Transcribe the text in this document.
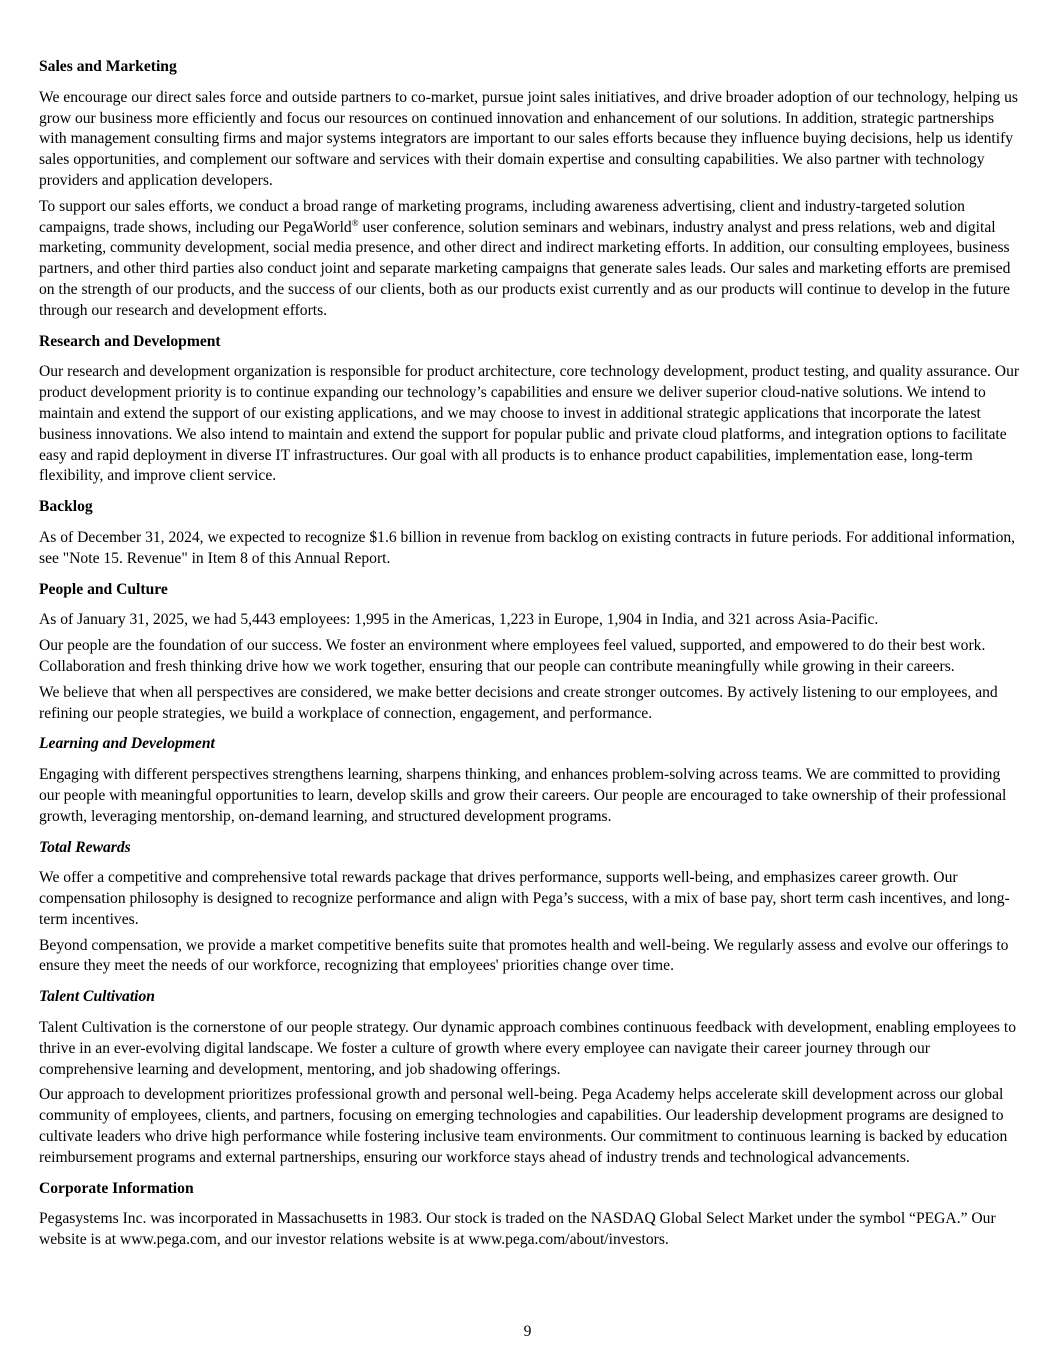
Sales and Marketing

We encourage our direct sales force and outside partners to co-market, pursue joint sales initiatives, and drive broader adoption of our technology, helping us grow our business more efficiently and focus our resources on continued innovation and enhancement of our solutions. In addition, strategic partnerships with management consulting firms and major systems integrators are important to our sales efforts because they influence buying decisions, help us identify sales opportunities, and complement our software and services with their domain expertise and consulting capabilities. We also partner with technology providers and application developers.

To support our sales efforts, we conduct a broad range of marketing programs, including awareness advertising, client and industry-targeted solution campaigns, trade shows, including our PegaWorld® user conference, solution seminars and webinars, industry analyst and press relations, web and digital marketing, community development, social media presence, and other direct and indirect marketing efforts. In addition, our consulting employees, business partners, and other third parties also conduct joint and separate marketing campaigns that generate sales leads. Our sales and marketing efforts are premised on the strength of our products, and the success of our clients, both as our products exist currently and as our products will continue to develop in the future through our research and development efforts.

Research and Development

Our research and development organization is responsible for product architecture, core technology development, product testing, and quality assurance. Our product development priority is to continue expanding our technology’s capabilities and ensure we deliver superior cloud-native solutions. We intend to maintain and extend the support of our existing applications, and we may choose to invest in additional strategic applications that incorporate the latest business innovations. We also intend to maintain and extend the support for popular public and private cloud platforms, and integration options to facilitate easy and rapid deployment in diverse IT infrastructures. Our goal with all products is to enhance product capabilities, implementation ease, long-term flexibility, and improve client service.

Backlog

As of December 31, 2024, we expected to recognize $1.6 billion in revenue from backlog on existing contracts in future periods. For additional information, see "Note 15. Revenue" in Item 8 of this Annual Report.

People and Culture

As of January 31, 2025, we had 5,443 employees: 1,995 in the Americas, 1,223 in Europe, 1,904 in India, and 321 across Asia-Pacific.

Our people are the foundation of our success. We foster an environment where employees feel valued, supported, and empowered to do their best work. Collaboration and fresh thinking drive how we work together, ensuring that our people can contribute meaningfully while growing in their careers.

We believe that when all perspectives are considered, we make better decisions and create stronger outcomes. By actively listening to our employees, and refining our people strategies, we build a workplace of connection, engagement, and performance.

Learning and Development

Engaging with different perspectives strengthens learning, sharpens thinking, and enhances problem-solving across teams. We are committed to providing our people with meaningful opportunities to learn, develop skills and grow their careers. Our people are encouraged to take ownership of their professional growth, leveraging mentorship, on-demand learning, and structured development programs.

Total Rewards

We offer a competitive and comprehensive total rewards package that drives performance, supports well-being, and emphasizes career growth. Our compensation philosophy is designed to recognize performance and align with Pega’s success, with a mix of base pay, short term cash incentives, and long-term incentives.

Beyond compensation, we provide a market competitive benefits suite that promotes health and well-being. We regularly assess and evolve our offerings to ensure they meet the needs of our workforce, recognizing that employees' priorities change over time.

Talent Cultivation

Talent Cultivation is the cornerstone of our people strategy. Our dynamic approach combines continuous feedback with development, enabling employees to thrive in an ever-evolving digital landscape. We foster a culture of growth where every employee can navigate their career journey through our comprehensive learning and development, mentoring, and job shadowing offerings.

Our approach to development prioritizes professional growth and personal well-being. Pega Academy helps accelerate skill development across our global community of employees, clients, and partners, focusing on emerging technologies and capabilities. Our leadership development programs are designed to cultivate leaders who drive high performance while fostering inclusive team environments. Our commitment to continuous learning is backed by education reimbursement programs and external partnerships, ensuring our workforce stays ahead of industry trends and technological advancements.

Corporate Information

Pegasystems Inc. was incorporated in Massachusetts in 1983. Our stock is traded on the NASDAQ Global Select Market under the symbol “PEGA.” Our website is at www.pega.com, and our investor relations website is at www.pega.com/about/investors.

9
